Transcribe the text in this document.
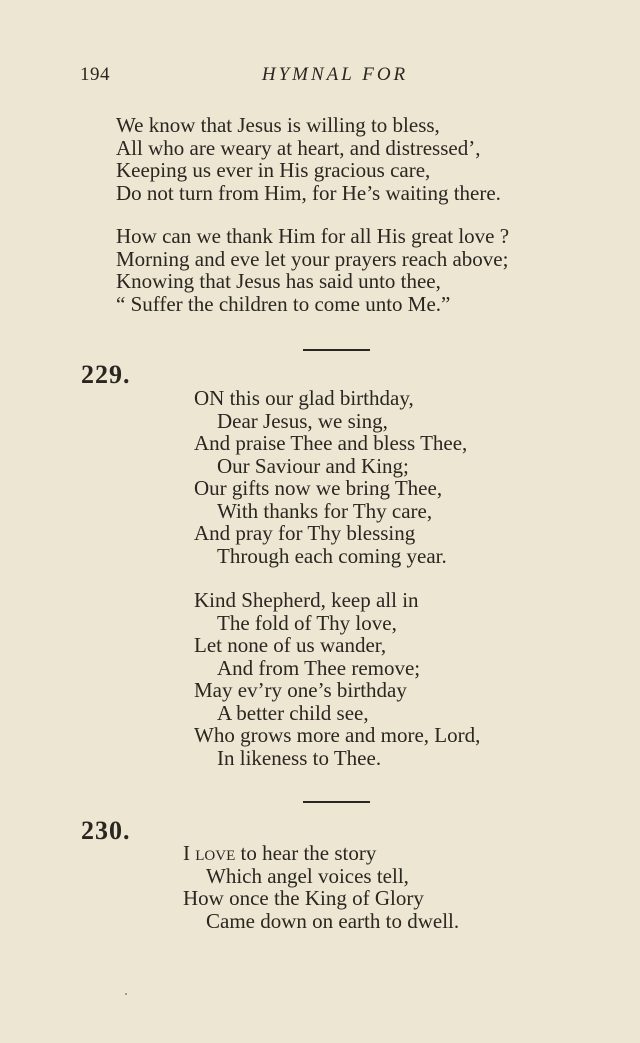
194	HYMNAL FOR
We know that Jesus is willing to bless,
All who are weary at heart, and distressed’,
Keeping us ever in His gracious care,
Do not turn from Him, for He’s waiting there.
How can we thank Him for all His great love ?
Morning and eve let your prayers reach above;
Knowing that Jesus has said unto thee,
“ Suffer the children to come unto Me.”
229.
ON this our glad birthday,
Dear Jesus, we sing,
And praise Thee and bless Thee,
Our Saviour and King;
Our gifts now we bring Thee,
With thanks for Thy care,
And pray for Thy blessing
Through each coming year.
Kind Shepherd, keep all in
The fold of Thy love,
Let none of us wander,
And from Thee remove;
May ev’ry one’s birthday
A better child see,
Who grows more and more, Lord,
In likeness to Thee.
230.
I love to hear the story
Which angel voices tell,
How once the King of Glory
Came down on earth to dwell.
